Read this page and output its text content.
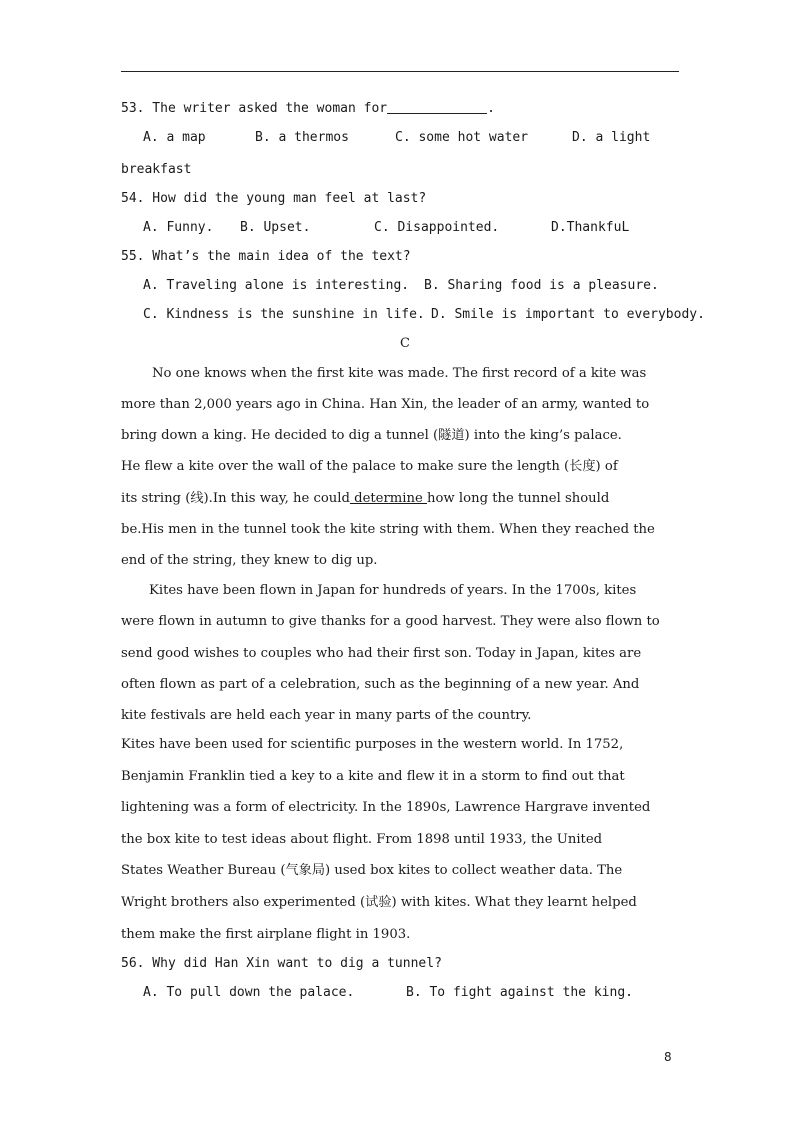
53. The writer asked the woman for	.
A. a map	B. a thermos	C. some hot water	D. a light
breakfast
54. How did the young man feel at last?
A. Funny. B. Upset.	C. Disappointed.	D.ThankfuL
55. What’s the main idea of the text?
A. Traveling alone is interesting. B. Sharing food is a pleasure.
C. Kindness is the sunshine in life. D. Smile is important to everybody.
C
No one knows when the first kite was made. The first record of a kite was
more than 2,000 years ago in China. Han Xin, the leader of an army, wanted to
bring down a king. He decided to dig a tunnel (隧道) into the king’s palace.
He flew a kite over the wall of the palace to make sure the length (长度) of
its string (线).In this way, he could determine how long the tunnel should
be.His men in the tunnel took the kite string with them. When they reached the
end of the string, they knew to dig up.
Kites have been flown in Japan for hundreds of years. In the 1700s, kites
were flown in autumn to give thanks for a good harvest. They were also flown to
send good wishes to couples who had their first son. Today in Japan, kites are
often flown as part of a celebration, such as the beginning of a new year. And
kite festivals are held each year in many parts of the country.
Kites have been used for scientific purposes in the western world. In 1752,
Benjamin Franklin tied a key to a kite and flew it in a storm to find out that
lightening was a form of electricity. In the 1890s, Lawrence Hargrave invented
the box kite to test ideas about flight. From 1898 until 1933, the United
States Weather Bureau (气象局) used box kites to collect weather data. The
Wright brothers also experimented (试验) with kites. What they learnt helped
them make the first airplane flight in 1903.
56. Why did Han Xin want to dig a tunnel?
A. To pull down the palace.	B. To fight against the king.
8
